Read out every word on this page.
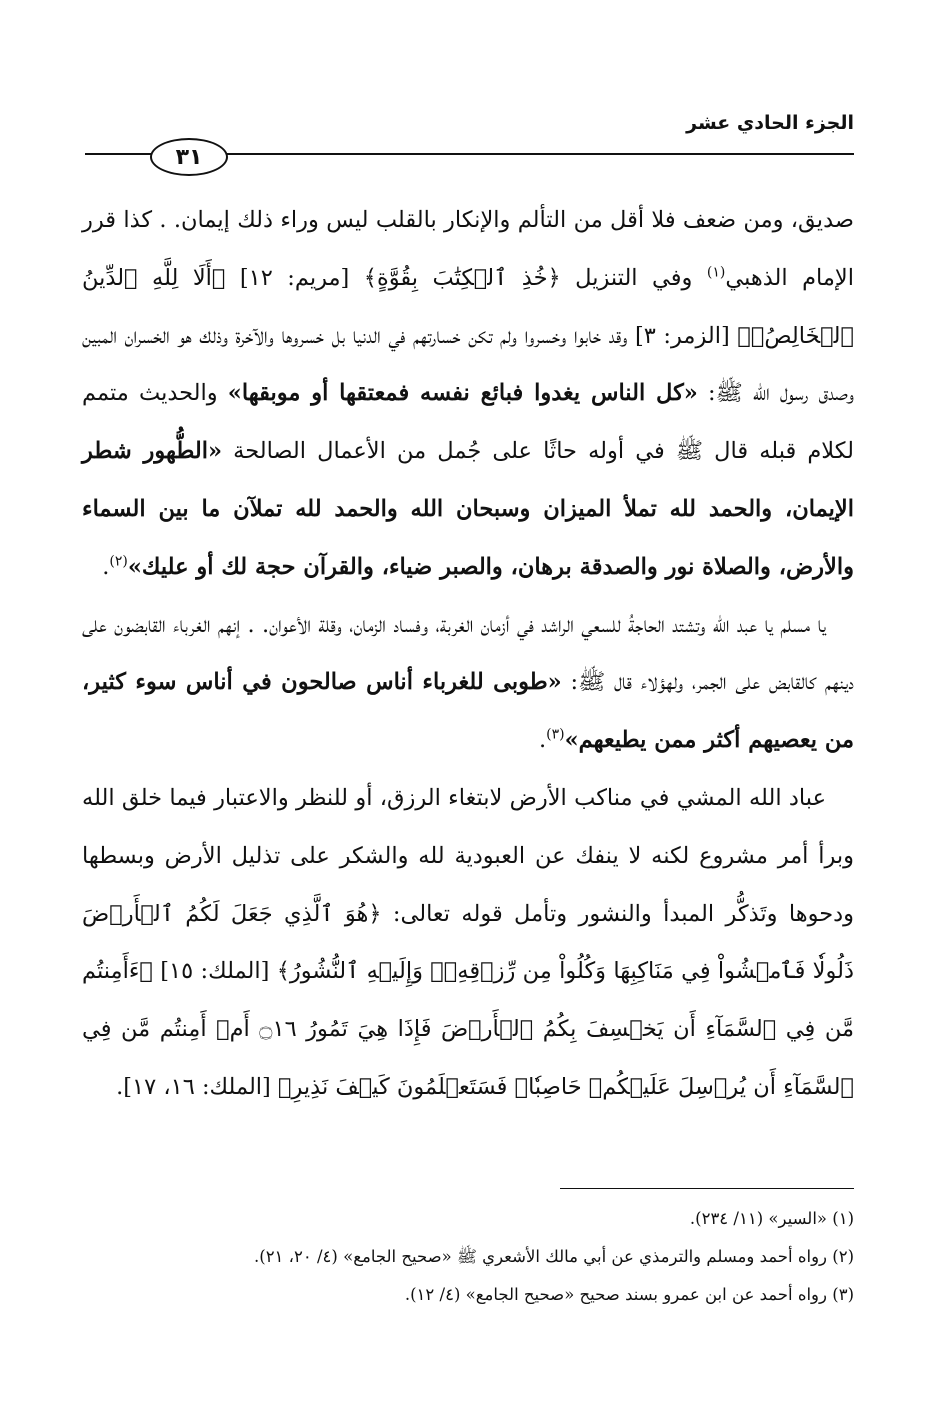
الجزء الحادي عشر
٣١

صديق، ومن ضعف فلا أقل من التألم والإنكار بالقلب ليس وراء ذلك إيمان. . كذا قرر الإمام الذهبي$^{(١)}$ وفي التنزيل ﴿خُذِ ٱلۡكِتَٰبَ بِقُوَّةٍ﴾ [مريم: ١٢] ﴿أَلَا لِلَّهِ ٱلدِّينُ ٱلۡخَالِصُۚ﴾ [الزمر: ٣] وقد خابوا وخسروا ولم تكن خسارتهم في الدنيا بل خسروها والآخرة وذلك هو الخسران المبين وصدق رسول الله ﷺ: «كل الناس يغدوا فبائع نفسه فمعتقها أو موبقها» والحديث متمم لكلام قبله قال ﷺ في أوله حاثًا على جُمل من الأعمال الصالحة «الطُّهور شطر الإيمان، والحمد لله تملأ الميزان وسبحان الله والحمد لله تملآن ما بين السماء والأرض، والصلاة نور والصدقة برهان، والصبر ضياء، والقرآن حجة لك أو عليك»$^{(٢)}$.

يا مسلم يا عبد الله وتشتد الحاجةُ للسعي الراشد في أزمان الغربة، وفساد الزمان، وقلة الأعوان. . إنهم الغرباء القابضون على دينهم كالقابض على الجمر، ولهؤلاء قال ﷺ: «طوبى للغرباء أناس صالحون في أناس سوء كثير، من يعصيهم أكثر ممن يطيعهم»$^{(٣)}$.

عباد الله المشي في مناكب الأرض لابتغاء الرزق، أو للنظر والاعتبار فيما خلق الله وبرأ أمر مشروع لكنه لا ينفك عن العبودية لله والشكر على تذليل الأرض وبسطها ودحوها وتَذكُّر المبدأ والنشور وتأمل قوله تعالى: ﴿هُوَ ٱلَّذِي جَعَلَ لَكُمُ ٱلۡأَرۡضَ ذَلُولٗا فَٱمۡشُواْ فِي مَنَاكِبِهَا وَكُلُواْ مِن رِّزۡقِهِۦۖ وَإِلَيۡهِ ٱلنُّشُورُ﴾ [الملك: ١٥] ﴿ءَأَمِنتُم مَّن فِي ٱلسَّمَآءِ أَن يَخۡسِفَ بِكُمُ ٱلۡأَرۡضَ فَإِذَا هِيَ تَمُورُ ۝١٦ أَمۡ أَمِنتُم مَّن فِي ٱلسَّمَآءِ أَن يُرۡسِلَ عَلَيۡكُمۡ حَاصِبٗاۖ فَسَتَعۡلَمُونَ كَيۡفَ نَذِيرِ﴾ [الملك: ١٦، ١٧].

(١) «السير» (١١/ ٢٣٤).
(٢) رواه أحمد ومسلم والترمذي عن أبي مالك الأشعري ﷺ «صحيح الجامع» (٤/ ٢٠، ٢١).
(٣) رواه أحمد عن ابن عمرو بسند صحيح «صحيح الجامع» (٤/ ١٢).
